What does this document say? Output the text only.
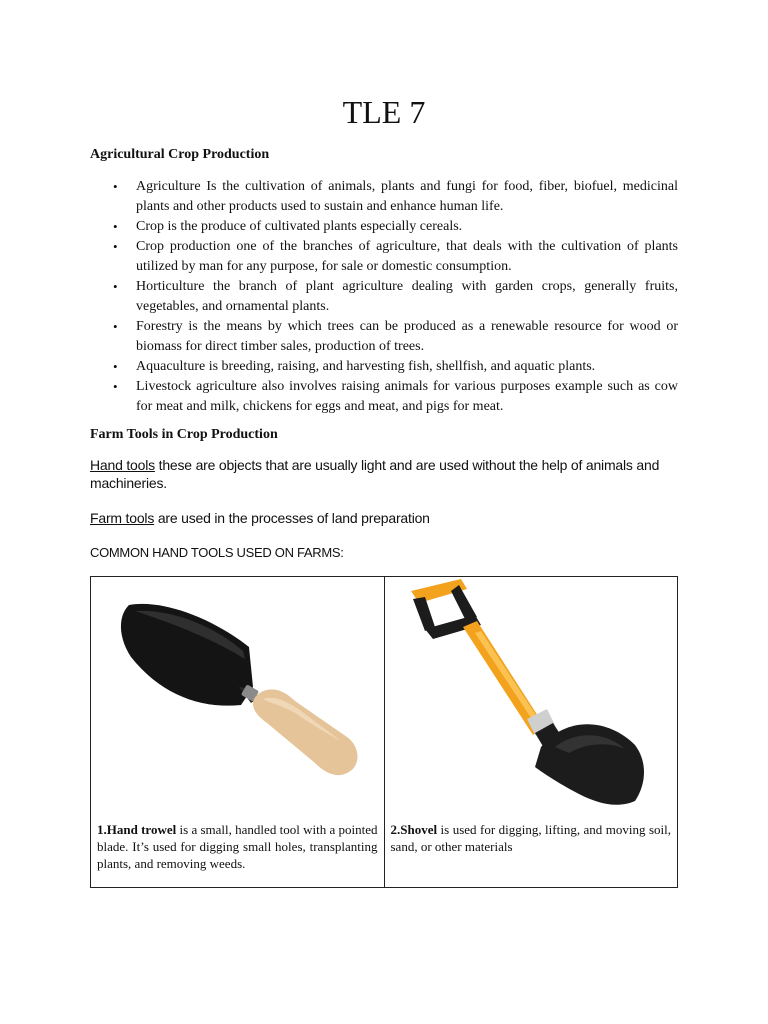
TLE 7
Agricultural Crop Production
• Agriculture Is the cultivation of animals, plants and fungi for food, fiber, biofuel, medicinal plants and other products used to sustain and enhance human life.
• Crop is the produce of cultivated plants especially cereals.
• Crop production one of the branches of agriculture, that deals with the cultivation of plants utilized by man for any purpose, for sale or domestic consumption.
• Horticulture the branch of plant agriculture dealing with garden crops, generally fruits, vegetables, and ornamental plants.
• Forestry is the means by which trees can be produced as a renewable resource for wood or biomass for direct timber sales, production of trees.
• Aquaculture is breeding, raising, and harvesting fish, shellfish, and aquatic plants.
• Livestock agriculture also involves raising animals for various purposes example such as cow for meat and milk, chickens for eggs and meat, and pigs for meat.
Farm Tools in Crop Production
Hand tools these are objects that are usually light and are used without the help of animals and machineries.
Farm tools are used in the processes of land preparation
COMMON HAND TOOLS USED ON FARMS:
1.Hand trowel is a small, handled tool with a pointed blade. It’s used for digging small holes, transplanting plants, and removing weeds.

2.Shovel is used for digging, lifting, and moving soil, sand, or other materials
